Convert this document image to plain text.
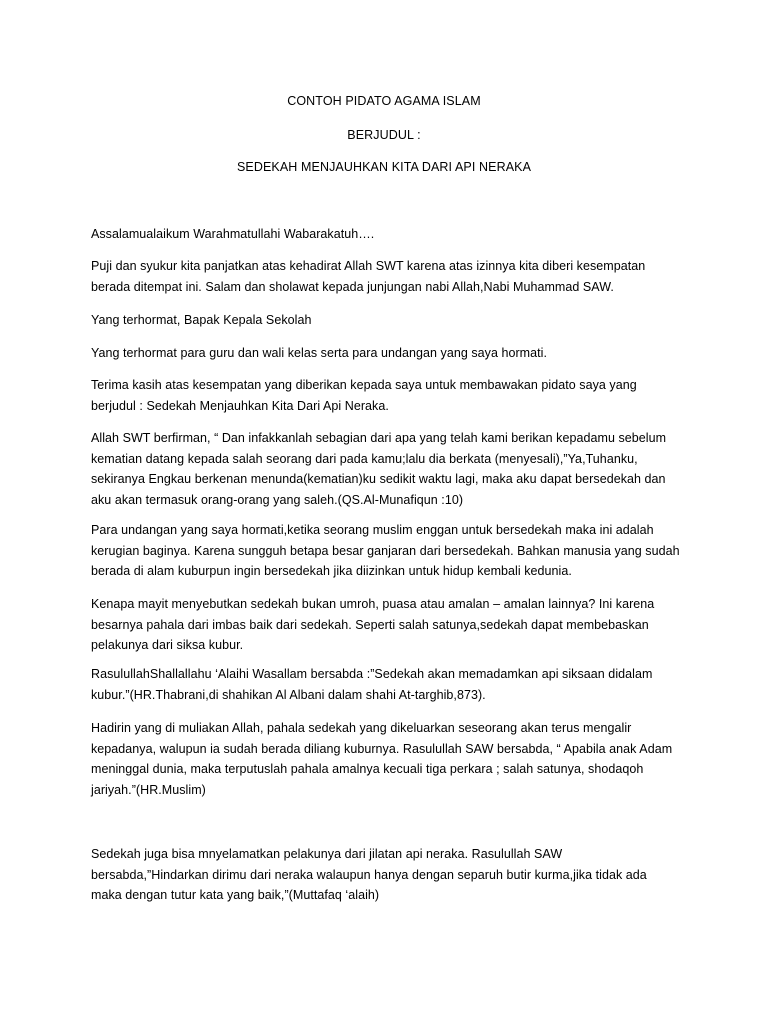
CONTOH PIDATO AGAMA ISLAM
BERJUDUL :
SEDEKAH MENJAUHKAN KITA DARI API NERAKA
Assalamualaikum Warahmatullahi Wabarakatuh….
Puji dan syukur kita panjatkan atas kehadirat Allah SWT karena atas izinnya kita diberi kesempatan
berada ditempat ini. Salam dan sholawat kepada junjungan nabi Allah,Nabi Muhammad SAW.
Yang terhormat, Bapak Kepala Sekolah
Yang terhormat para guru dan wali kelas serta para undangan yang saya hormati.
Terima kasih atas kesempatan yang diberikan kepada saya untuk membawakan pidato saya yang
berjudul : Sedekah Menjauhkan Kita Dari Api Neraka.
Allah SWT berfirman, “ Dan infakkanlah sebagian dari apa yang telah kami berikan kepadamu sebelum
kematian datang kepada salah seorang dari pada kamu;lalu dia berkata (menyesali),”Ya,Tuhanku,
sekiranya Engkau berkenan menunda(kematian)ku sedikit waktu lagi, maka aku dapat bersedekah dan
aku akan termasuk orang-orang yang saleh.(QS.Al-Munafiqun :10)
Para undangan yang saya hormati,ketika seorang muslim enggan untuk bersedekah maka ini adalah
kerugian baginya. Karena sungguh betapa besar ganjaran dari bersedekah. Bahkan manusia yang sudah
berada di alam kuburpun ingin bersedekah jika diizinkan untuk hidup kembali kedunia.
Kenapa mayit menyebutkan sedekah bukan umroh, puasa atau amalan – amalan lainnya? Ini karena
besarnya pahala dari imbas baik dari sedekah. Seperti salah satunya,sedekah dapat membebaskan
pelakunya dari siksa kubur.
RasulullahShallallahu ‘Alaihi Wasallam bersabda :”Sedekah akan memadamkan api siksaan didalam
kubur.”(HR.Thabrani,di shahikan Al Albani dalam shahi At-targhib,873).
Hadirin yang di muliakan Allah, pahala sedekah yang dikeluarkan seseorang akan terus mengalir
kepadanya, walupun ia sudah berada diliang kuburnya. Rasulullah SAW bersabda, “ Apabila anak Adam
meninggal dunia, maka terputuslah pahala amalnya kecuali tiga perkara ; salah satunya, shodaqoh
jariyah.”(HR.Muslim)
Sedekah juga bisa mnyelamatkan pelakunya dari jilatan api neraka. Rasulullah SAW
bersabda,”Hindarkan dirimu dari neraka walaupun hanya dengan separuh butir kurma,jika tidak ada
maka dengan tutur kata yang baik,”(Muttafaq ‘alaih)
